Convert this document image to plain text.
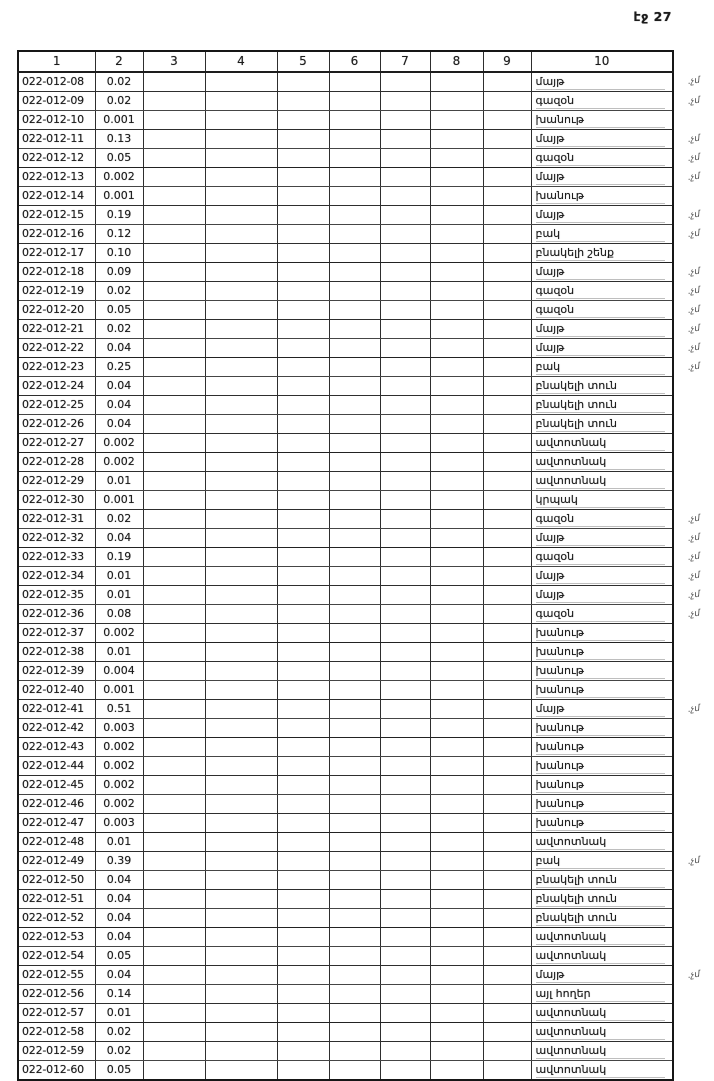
էջ 27
1	2	3	4	5	6	7	8	9	10	
022-012-08	0.02								մայթ	.չմ
022-012-09	0.02								գազօն	.չմ
022-012-10	0.001								խանութ	
022-012-11	0.13								մայթ	.չմ
022-012-12	0.05								գազօն	.չմ
022-012-13	0.002								մայթ	.չմ
022-012-14	0.001								խանութ	
022-012-15	0.19								մայթ	.չմ
022-012-16	0.12								բակ	.չմ
022-012-17	0.10								բնակելի շենք	
022-012-18	0.09								մայթ	.չմ
022-012-19	0.02								գազօն	.չմ
022-012-20	0.05								գազօն	.չմ
022-012-21	0.02								մայթ	.չմ
022-012-22	0.04								մայթ	.չմ
022-012-23	0.25								բակ	.չմ
022-012-24	0.04								բնակելի տուն	
022-012-25	0.04								բնակելի տուն	
022-012-26	0.04								բնակելի տուն	
022-012-27	0.002								ավտոտնակ	
022-012-28	0.002								ավտոտնակ	
022-012-29	0.01								ավտոտնակ	
022-012-30	0.001								կրպակ	
022-012-31	0.02								գազօն	.չմ
022-012-32	0.04								մայթ	.չմ
022-012-33	0.19								գազօն	.չմ
022-012-34	0.01								մայթ	.չմ
022-012-35	0.01								մայթ	.չմ
022-012-36	0.08								գազօն	.չմ
022-012-37	0.002								խանութ	
022-012-38	0.01								խանութ	
022-012-39	0.004								խանութ	
022-012-40	0.001								խանութ	
022-012-41	0.51								մայթ	.չմ
022-012-42	0.003								խանութ	
022-012-43	0.002								խանութ	
022-012-44	0.002								խանութ	
022-012-45	0.002								խանութ	
022-012-46	0.002								խանութ	
022-012-47	0.003								խանութ	
022-012-48	0.01								ավտոտնակ	
022-012-49	0.39								բակ	.չմ
022-012-50	0.04								բնակելի տուն	
022-012-51	0.04								բնակելի տուն	
022-012-52	0.04								բնակելի տուն	
022-012-53	0.04								ավտոտնակ	
022-012-54	0.05								ավտոտնակ	
022-012-55	0.04								մայթ	.չմ
022-012-56	0.14								այլ հողեր	
022-012-57	0.01								ավտոտնակ	
022-012-58	0.02								ավտոտնակ	
022-012-59	0.02								ավտոտնակ	
022-012-60	0.05								ավտոտնակ	
